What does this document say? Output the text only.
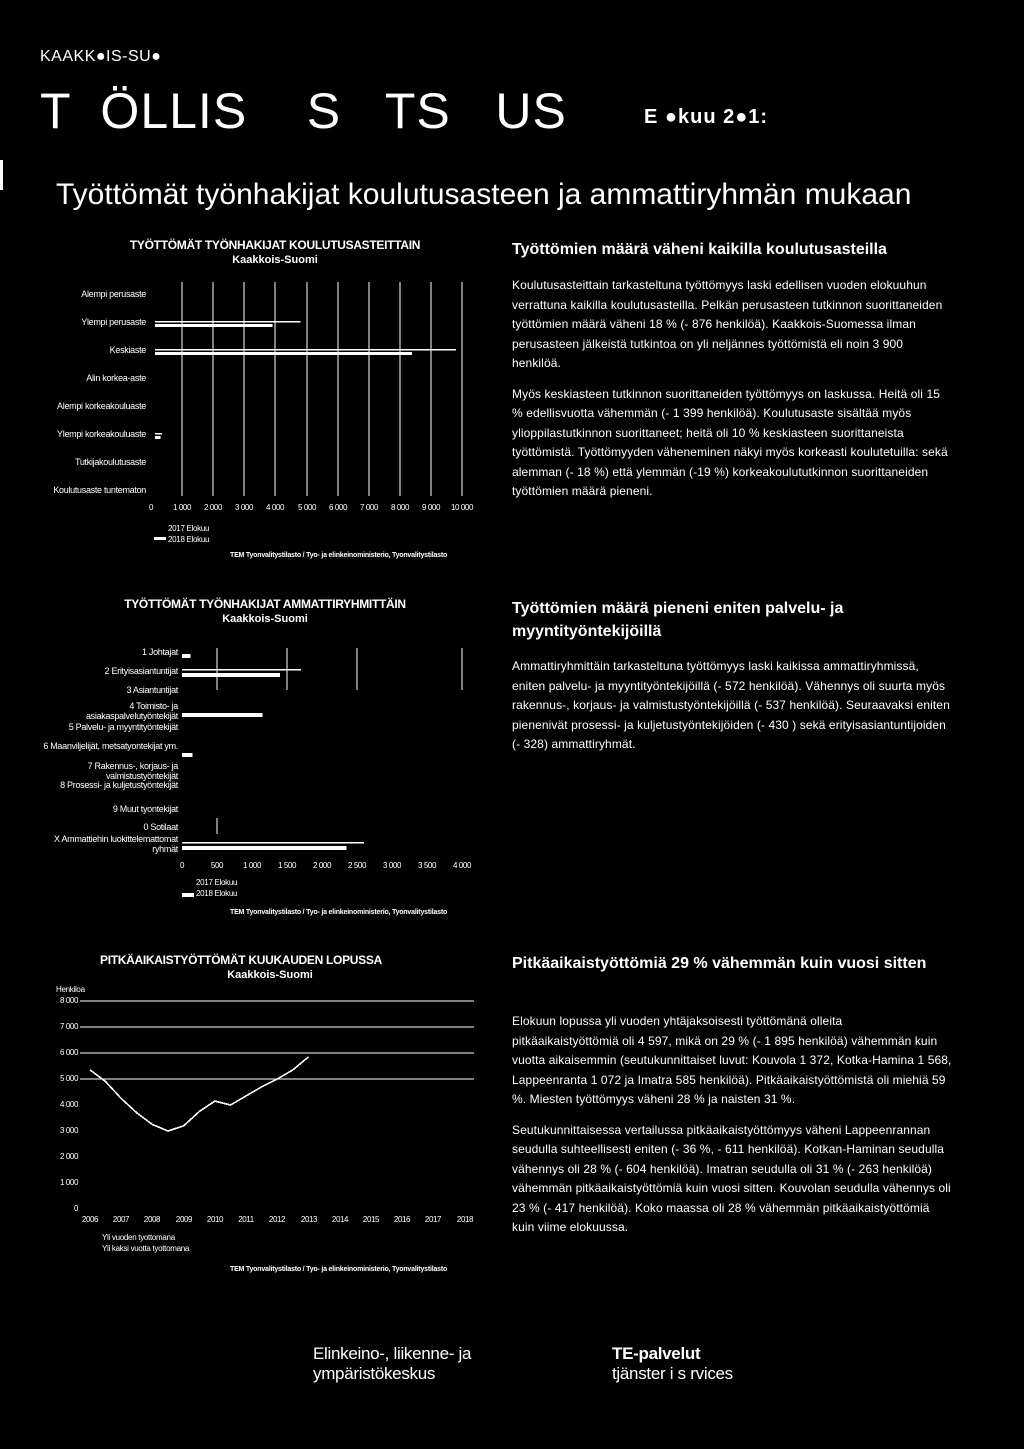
KAAKK●IS-SU●
T  ÖLLIS    S   TS   US	E ●kuu 2●1:
Työttömät työnhakijat koulutusasteen ja ammattiryhmän mukaan
TYÖTTÖMÄT TYÖNHAKIJAT KOULUTUSASTEITTAIN
Kaakkois-Suomi
0	1 000	2 000	3 000	4 000	5 000	6 000	7 000	8 000	9 000	10 000
Alempi perusaste
Ylempi perusaste
Keskiaste
Alin korkea-aste
Alempi korkeakouluaste
Ylempi korkeakouluaste
Tutkijakoulutusaste
Koulutusaste tuntematon
2017 Elokuu
2018 Elokuu
TEM Tyonvalitystilasto / Tyo- ja elinkeinoministerio, Tyonvalitystilasto
Työttömien määrä väheni kaikilla koulutusasteilla

Koulutusasteittain tarkasteltuna työttömyys laski edellisen vuoden elokuuhun verrattuna kaikilla koulutusasteilla. Pelkän perusasteen tutkinnon suorittaneiden työttömien määrä väheni 18 % (- 876 henkilöä). Kaakkois-Suomessa ilman perusasteen jälkeistä tutkintoa on yli neljännes työttömistä eli noin 3 900 henkilöä.

Myös keskiasteen tutkinnon suorittaneiden työttömyys on laskussa. Heitä oli 15 % edellisvuotta vähemmän (- 1 399 henkilöä). Koulutusaste sisältää myös ylioppilastutkinnon suorittaneet; heitä oli 10 % keskiasteen suorittaneista työttömistä. Työttömyyden väheneminen näkyi myös korkeasti koulutetuilla: sekä alemman (- 18 %) että ylemmän (-19 %) korkeakoulututkinnon suorittaneiden työttömien määrä pieneni.

TYÖTTÖMÄT TYÖNHAKIJAT AMMATTIRYHMITTÄIN
Kaakkois-Suomi
0	500	1 000	1 500	2 000	2 500	3 000	3 500	4 000
1 Johtajat
2 Erityisasiantuntijat
3 Asiantuntijat
4 Toimisto- ja asiakaspalvelutyöntekijät
5 Palvelu- ja myyntityöntekijät
6 Maanviljelijät, metsatyontekijat ym.
7 Rakennus-, korjaus- ja valmistustyöntekijät
8 Prosessi- ja kuljetustyöntekijät
9 Muut tyontekijat
0 Sotilaat
X Ammattiehin luokittelemattomat ryhmät
2017 Elokuu
2018 Elokuu
TEM Tyonvalitystilasto / Tyo- ja elinkeinoministerio, Tyonvalitystilasto
Työttömien määrä pieneni eniten palvelu- ja myyntityöntekijöillä

Ammattiryhmittäin tarkasteltuna työttömyys laski kaikissa ammattiryhmissä, eniten palvelu- ja myyntityöntekijöillä (- 572 henkilöä). Vähennys oli suurta myös rakennus-, korjaus- ja valmistustyöntekijöillä (- 537 henkilöä). Seuraavaksi eniten pienenivät prosessi- ja kuljetustyöntekijöiden (- 430 ) sekä erityisasiantuntijoiden (- 328) ammattiryhmät.

PITKÄAIKAISTYÖTTÖMÄT KUUKAUDEN LOPUSSA
Kaakkois-Suomi
Henkiloa
Yli vuoden tyottomana
Yli kaksi vuotta tyottomana
TEM Tyonvalitystilasto / Tyo- ja elinkeinoministerio, Tyonvalitystilasto
Pitkäaikaistyöttömiä 29 % vähemmän kuin vuosi sitten

Elokuun lopussa yli vuoden yhtäjaksoisesti työttömänä olleita pitkäaikaistyöttömiä oli 4 597, mikä on 29 % (- 1 895 henkilöä) vähemmän kuin vuotta aikaisemmin (seutukunnittaiset luvut: Kouvola 1 372, Kotka-Hamina 1 568, Lappeenranta 1 072 ja Imatra 585 henkilöä). Pitkäaikaistyöttömistä oli miehiä 59 %. Miesten työttömyys väheni 28 % ja naisten 31 %.

Seutukunnittaisessa vertailussa pitkäaikaistyöttömyys väheni Lappeenrannan seudulla suhteellisesti eniten (- 36 %, - 611 henkilöä). Kotkan-Haminan seudulla vähennys oli 28 % (- 604 henkilöä). Imatran seudulla oli 31 % (- 263 henkilöä) vähemmän pitkäaikaistyöttömiä kuin vuosi sitten. Kouvolan seudulla vähennys oli 23 % (- 417 henkilöä). Koko maassa oli 28 % vähemmän pitkäaikaistyöttömiä kuin viime elokuussa.

Elinkeino-, liikenne- ja
ympäristökeskus
TE-palvelut
tjänster i s rvices
0
1 000
2 000
3 000
4 000
5 000
6 000
7 000
8 000
2006	2007	2008	2009	2010	2011	2012	2013	2014	2015	2016	2017	2018
